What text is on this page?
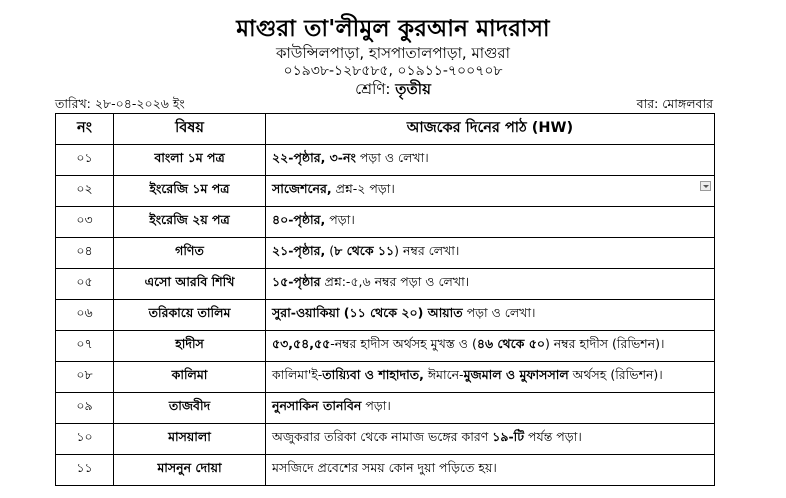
মাগুরা তা'লীমুল কুরআন মাদরাসা
কাউন্সিলপাড়া, হাসপাতালপাড়া, মাগুরা
০১৯৩৮-১২৮৫৮৫, ০১৯১১-৭০০৭০৮
শ্রেণি: তৃতীয়
তারিখ: ২৮-০৪-২০২৬ ইং	বার: মোঙ্গলবার
নং	বিষয়	আজকের দিনের পাঠ (HW)
০১	বাংলা ১ম পত্র	২২-পৃষ্ঠার, ৩-নং পড়া ও লেখা।
০২	ইংরেজি ১ম পত্র	সাজেশনের, প্রশ্ন-২ পড়া।

০৩	ইংরেজি ২য় পত্র	৪০-পৃষ্ঠার, পড়া।
০৪	গণিত	২১-পৃষ্ঠার, (৮ থেকে ১১) নম্বর লেখা।
০৫	এসো আরবি শিখি	১৫-পৃষ্ঠার প্রশ্ন:-৫,৬ নম্বর পড়া ও লেখা।
০৬	তরিকায়ে তালিম	সুরা-ওয়াকিয়া (১১ থেকে ২০) আয়াত পড়া ও লেখা।
০৭	হাদীস	৫৩,৫৪,৫৫-নম্বর হাদীস অর্থসহ মুখস্ত ও (৪৬ থেকে ৫০) নম্বর হাদীস (রিভিশন)।
০৮	কালিমা	কালিমা'ই-তায়্যিবা ও শাহাদাত, ঈমানে-মুজমাল ও মুফাসসাল অর্থসহ (রিভিশন)।
০৯	তাজবীদ	নুনসাকিন তানবিন পড়া।
১০	মাসয়ালা	অজুকরার তরিকা থেকে নামাজ ভঙ্গের কারণ ১৯-টি পর্যন্ত পড়া।
১১	মাসনুন দোয়া	মসজিদে প্রবেশের সময় কোন দুয়া পড়িতে হয়।
